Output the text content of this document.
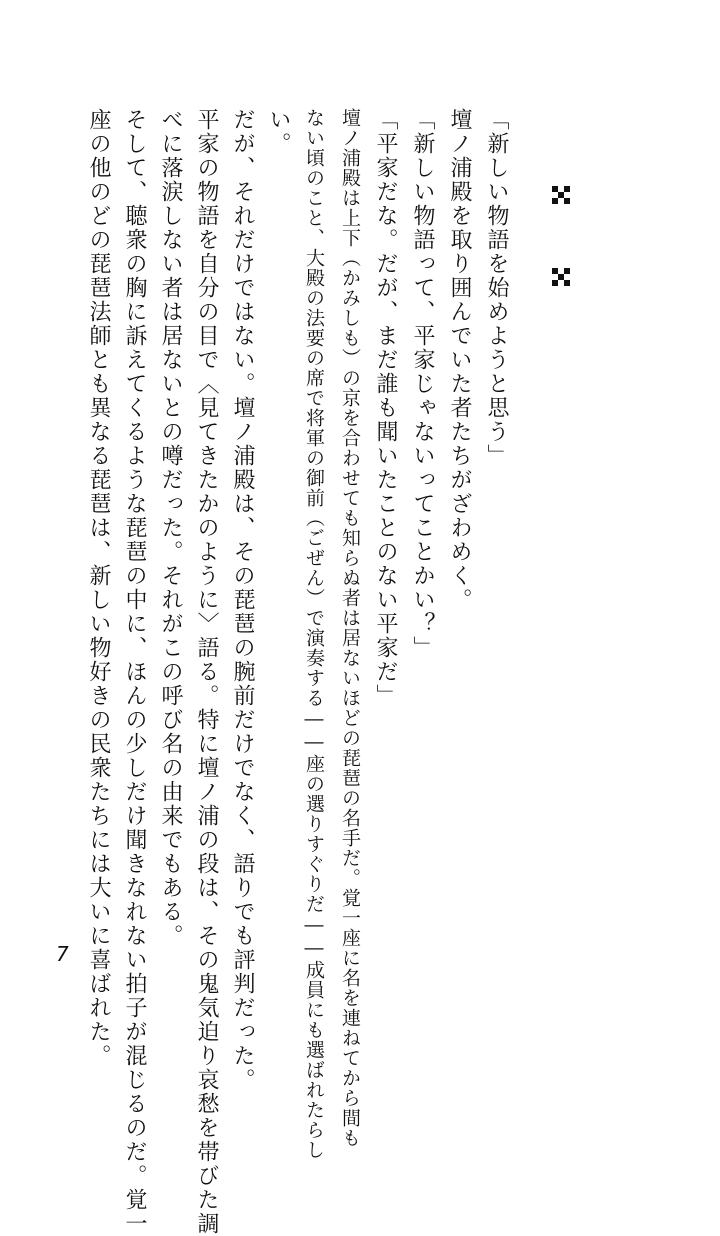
「新しい物語を始めようと思う」
壇ノ浦殿を取り囲んでいた者たちがざわめく。
「新しい物語って、平家じゃないってことかい？」
「平家だな。だが、まだ誰も聞いたことのない平家だ」
壇ノ浦殿は上下（かみしも）の京を合わせても知らぬ者は居ないほどの琵琶の名手だ。覚一座に名を連ねてから間も
ない頃のこと、大殿の法要の席で将軍の御前（ごぜん）で演奏する――座の選りすぐりだ――成員にも選ばれたらし
い。
だが、それだけではない。壇ノ浦殿は、その琵琶の腕前だけでなく、語りでも評判だった。
平家の物語を自分の目で〈見てきたかのように〉語る。特に壇ノ浦の段は、その鬼気迫り哀愁を帯びた調
べに落涙しない者は居ないとの噂だった。それがこの呼び名の由来でもある。
そして、聴衆の胸に訴えてくるような琵琶の中に、ほんの少しだけ聞きなれない拍子が混じるのだ。覚一
座の他のどの琵琶法師とも異なる琵琶は、新しい物好きの民衆たちには大いに喜ばれた。
7
